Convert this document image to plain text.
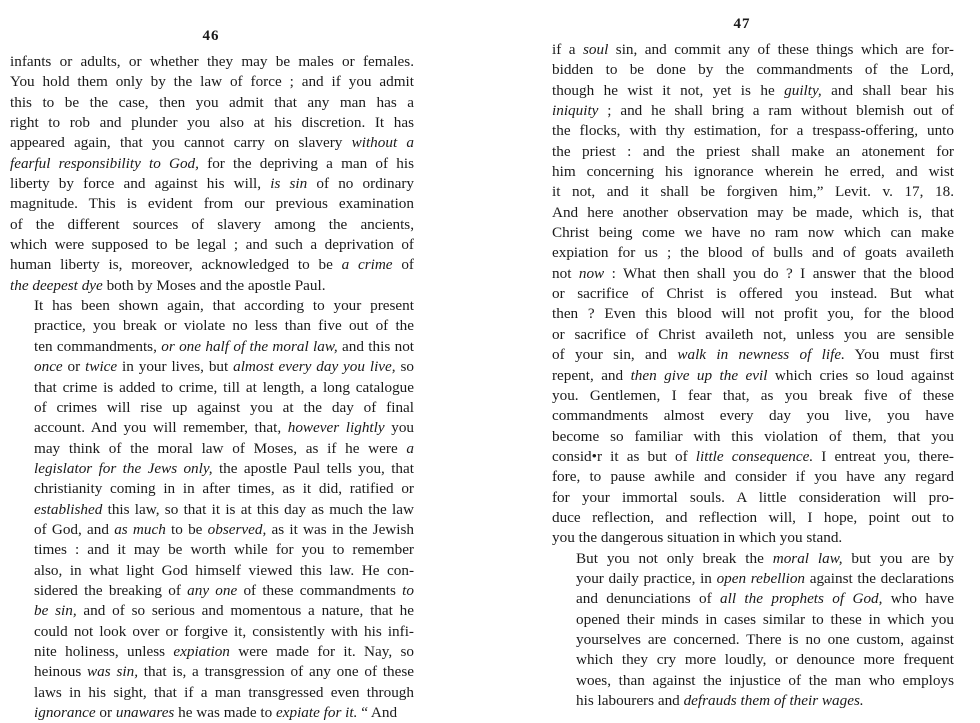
46
infants or adults, or whether they may be males or females.
You hold them only by the law of force ; and if you admit
this to be the case, then you admit that any man has a
right to rob and plunder you also at his discretion. It has
appeared again, that you cannot carry on slavery without a
fearful responsibility to God, for the depriving a man of his
liberty by force and against his will, is sin of no ordinary
magnitude. This is evident from our previous examination
of the different sources of slavery among the ancients,
which were supposed to be legal ; and such a deprivation of
human liberty is, moreover, acknowledged to be a crime of
the deepest dye both by Moses and the apostle Paul.
It has been shown again, that according to your present
practice, you break or violate no less than five out of the
ten commandments, or one half of the moral law, and this not
once or twice in your lives, but almost every day you live, so
that crime is added to crime, till at length, a long catalogue
of crimes will rise up against you at the day of final
account. And you will remember, that, however lightly you
may think of the moral law of Moses, as if he were a
legislator for the Jews only, the apostle Paul tells you, that
christianity coming in in after times, as it did, ratified or
established this law, so that it is at this day as much the law
of God, and as much to be observed, as it was in the Jewish
times : and it may be worth while for you to remember
also, in what light God himself viewed this law. He con-
sidered the breaking of any one of these commandments to
be sin, and of so serious and momentous a nature, that he
could not look over or forgive it, consistently with his infi-
nite holiness, unless expiation were made for it. Nay, so
heinous was sin, that is, a transgression of any one of these
laws in his sight, that if a man transgressed even through
ignorance or unawares he was made to expiate for it. “ And
47
if a soul sin, and commit any of these things which are for-
bidden to be done by the commandments of the Lord,
though he wist it not, yet is he guilty, and shall bear his
iniquity ; and he shall bring a ram without blemish out of
the flocks, with thy estimation, for a trespass-offering, unto
the priest : and the priest shall make an atonement for
him concerning his ignorance wherein he erred, and wist
it not, and it shall be forgiven him,” Levit. v. 17, 18.
And here another observation may be made, which is, that
Christ being come we have no ram now which can make
expiation for us ; the blood of bulls and of goats availeth
not now : What then shall you do ? I answer that the blood
or sacrifice of Christ is offered you instead. But what
then ? Even this blood will not profit you, for the blood
or sacrifice of Christ availeth not, unless you are sensible
of your sin, and walk in newness of life. You must first
repent, and then give up the evil which cries so loud against
you. Gentlemen, I fear that, as you break five of these
commandments almost every day you live, you have
become so familiar with this violation of them, that you
consid•r it as but of little consequence. I entreat you, there-
fore, to pause awhile and consider if you have any regard
for your immortal souls. A little consideration will pro-
duce reflection, and reflection will, I hope, point out to
you the dangerous situation in which you stand.
But you not only break the moral law, but you are by
your daily practice, in open rebellion against the declarations
and denunciations of all the prophets of God, who have
opened their minds in cases similar to these in which you
yourselves are concerned. There is no one custom, against
which they cry more loudly, or denounce more frequent
woes, than against the injustice of the man who employs
his labourers and defrauds them of their wages.
